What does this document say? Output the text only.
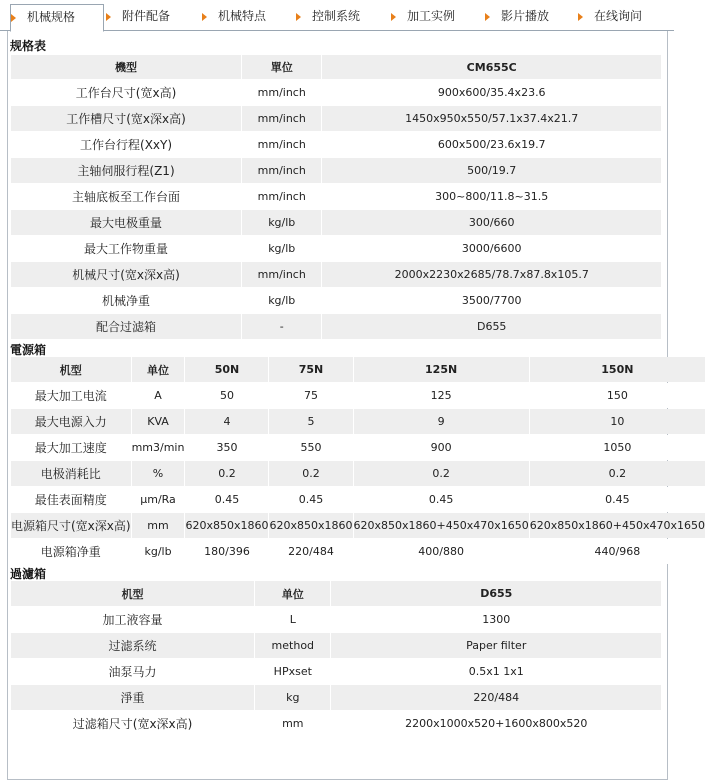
机械规格	附件配备	机械特点	控制系统	加工实例	影片播放	在线询问
规格表
機型	單位	CM655C
工作台尺寸(宽x高)	mm/inch	900x600/35.4x23.6
工作槽尺寸(宽x深x高)	mm/inch	1450x950x550/57.1x37.4x21.7
工作台行程(XxY)	mm/inch	600x500/23.6x19.7
主轴伺服行程(Z1)	mm/inch	500/19.7
主轴底板至工作台面	mm/inch	300~800/11.8~31.5
最大电极重量	kg/lb	300/660
最大工作物重量	kg/lb	3000/6600
机械尺寸(宽x深x高)	mm/inch	2000x2230x2685/78.7x87.8x105.7
机械净重	kg/lb	3500/7700
配合过滤箱	-	D655
電源箱
机型	单位	50N	75N	125N	150N
最大加工电流	A	50	75	125	150
最大电源入力	KVA	4	5	9	10
最大加工速度	mm3/min	350	550	900	1050
电极消耗比	%	0.2	0.2	0.2	0.2
最佳表面精度	μm/Ra	0.45	0.45	0.45	0.45
电源箱尺寸(宽x深x高)	mm	620x850x1860	620x850x1860	620x850x1860+450x470x1650	620x850x1860+450x470x1650
电源箱净重	kg/lb	180/396	220/484	400/880	440/968
過濾箱
机型	单位	D655
加工液容量	L	1300
过滤系统	method	Paper filter
油泵马力	HPxset	0.5x1 1x1
淨重	kg	220/484
过滤箱尺寸(宽x深x高)	mm	2200x1000x520+1600x800x520
